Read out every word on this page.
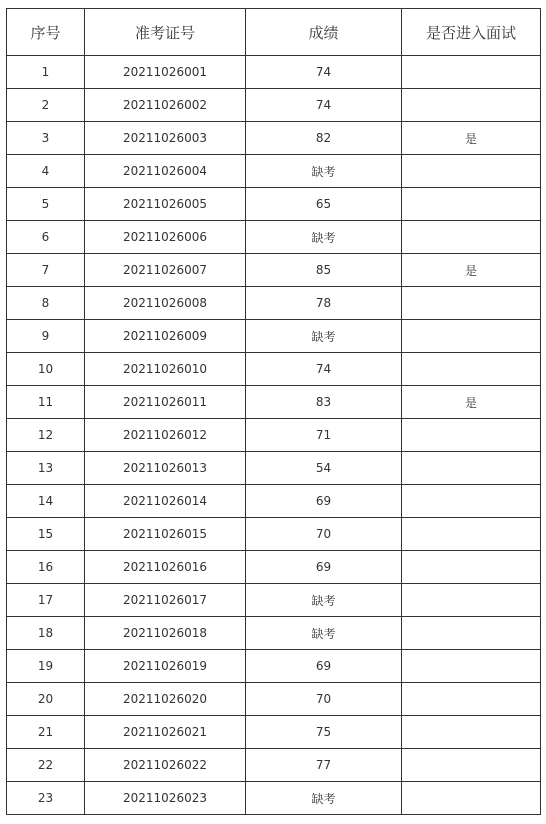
序号	准考证号	成绩	是否进入面试
1	20211026001	74	
2	20211026002	74	
3	20211026003	82	是
4	20211026004	缺考	
5	20211026005	65	
6	20211026006	缺考	
7	20211026007	85	是
8	20211026008	78	
9	20211026009	缺考	
10	20211026010	74	
11	20211026011	83	是
12	20211026012	71	
13	20211026013	54	
14	20211026014	69	
15	20211026015	70	
16	20211026016	69	
17	20211026017	缺考	
18	20211026018	缺考	
19	20211026019	69	
20	20211026020	70	
21	20211026021	75	
22	20211026022	77	
23	20211026023	缺考	
